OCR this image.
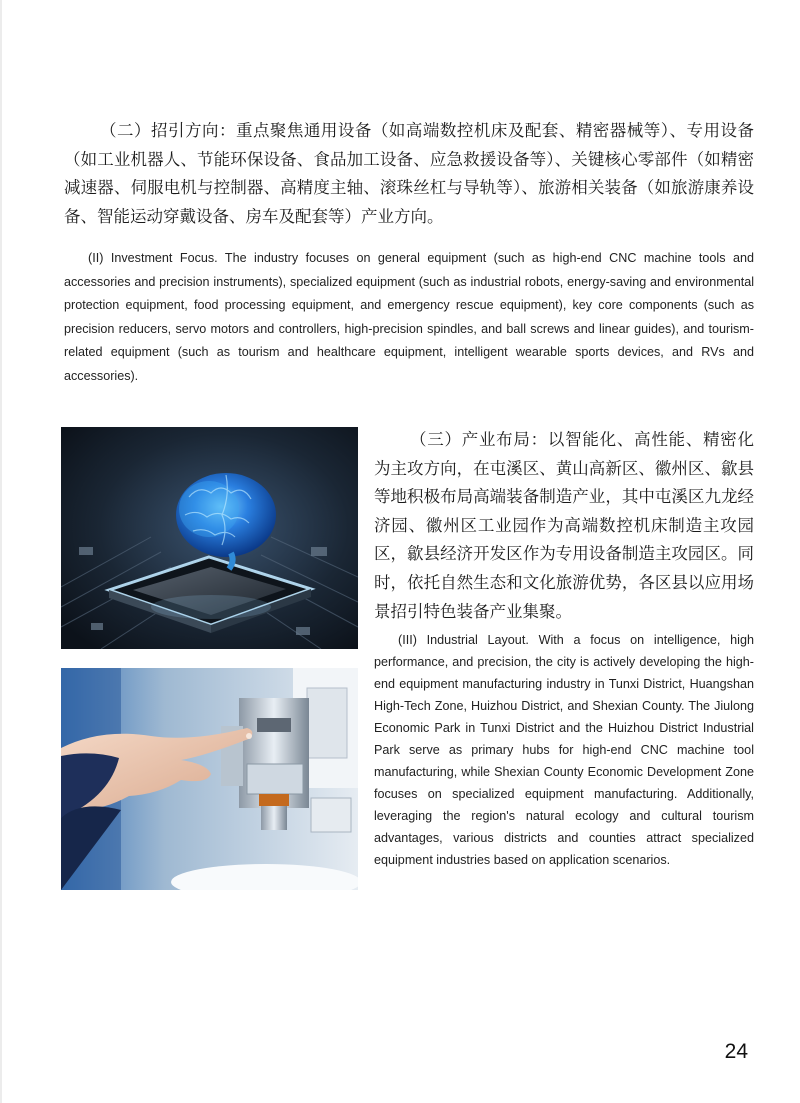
（二）招引方向：重点聚焦通用设备（如高端数控机床及配套、精密器械等）、专用设备（如工业机器人、节能环保设备、食品加工设备、应急救援设备等）、关键核心零部件（如精密减速器、伺服电机与控制器、高精度主轴、滚珠丝杠与导轨等）、旅游相关装备（如旅游康养设备、智能运动穿戴设备、房车及配套等）产业方向。

(II) Investment Focus. The industry focuses on general equipment (such as high-end CNC machine tools and accessories and precision instruments), specialized equipment (such as industrial robots, energy-saving and environmental protection equipment, food processing equipment, and emergency rescue equipment), key core components (such as precision reducers, servo motors and controllers, high-precision spindles, and ball screws and linear guides), and tourism-related equipment (such as tourism and healthcare equipment, intelligent wearable sports devices, and RVs and accessories).

（三）产业布局：以智能化、高性能、精密化为主攻方向，在屯溪区、黄山高新区、徽州区、歙县等地积极布局高端装备制造产业，其中屯溪区九龙经济园、徽州区工业园作为高端数控机床制造主攻园区，歙县经济开发区作为专用设备制造主攻园区。同时，依托自然生态和文化旅游优势，各区县以应用场景招引特色装备产业集聚。

(III) Industrial Layout. With a focus on intelligence, high performance, and precision, the city is actively developing the high-end equipment manufacturing industry in Tunxi District, Huangshan High-Tech Zone, Huizhou District, and Shexian County. The Jiulong Economic Park in Tunxi District and the Huizhou District Industrial Park serve as primary hubs for high-end CNC machine tool manufacturing, while Shexian County Economic Development Zone focuses on specialized equipment manufacturing. Additionally, leveraging the region's natural ecology and cultural tourism advantages, various districts and counties attract specialized equipment industries based on application scenarios.

24
